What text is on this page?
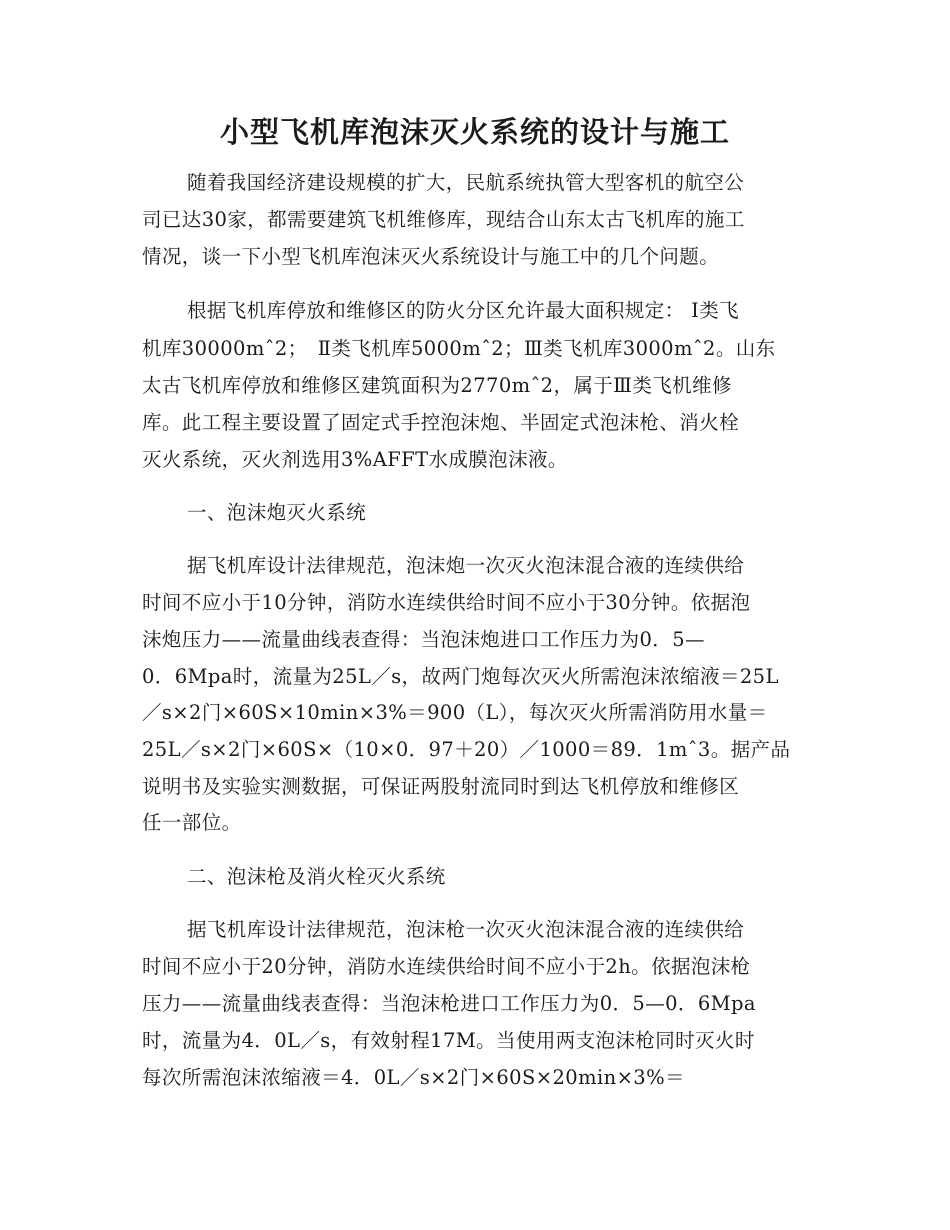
小型飞机库泡沫灭火系统的设计与施工
随着我国经济建设规模的扩大，民航系统执管大型客机的航空公
司已达30家，都需要建筑飞机维修库，现结合山东太古飞机库的施工
情况，谈一下小型飞机库泡沫灭火系统设计与施工中的几个问题。
根据飞机库停放和维修区的防火分区允许最大面积规定： Ⅰ类飞
机库30000mˆ2；　Ⅱ类飞机库5000mˆ2；Ⅲ类飞机库3000mˆ2。山东
太古飞机库停放和维修区建筑面积为2770mˆ2，属于Ⅲ类飞机维修
库。此工程主要设置了固定式手控泡沫炮、半固定式泡沫枪、消火栓
灭火系统，灭火剂选用3%AFFT水成膜泡沫液。
一、泡沫炮灭火系统
据飞机库设计法律规范，泡沫炮一次灭火泡沫混合液的连续供给
时间不应小于10分钟，消防水连续供给时间不应小于30分钟。依据泡
沫炮压力——流量曲线表查得：当泡沫炮进口工作压力为0．5—
0．6Mpa时，流量为25L／s，故两门炮每次灭火所需泡沫浓缩液＝25L
／s×2门×60S×10min×3%＝900（L），每次灭火所需消防用水量＝
25L／s×2门×60S×（10×0．97＋20）／1000＝89．1mˆ3。据产品
说明书及实验实测数据，可保证两股射流同时到达飞机停放和维修区
任一部位。
二、泡沫枪及消火栓灭火系统
据飞机库设计法律规范，泡沫枪一次灭火泡沫混合液的连续供给
时间不应小于20分钟，消防水连续供给时间不应小于2h。依据泡沫枪
压力——流量曲线表查得：当泡沫枪进口工作压力为0．5—0．6Mpa
时，流量为4．0L／s，有效射程17M。当使用两支泡沫枪同时灭火时
每次所需泡沫浓缩液＝4．0L／s×2门×60S×20min×3%＝
